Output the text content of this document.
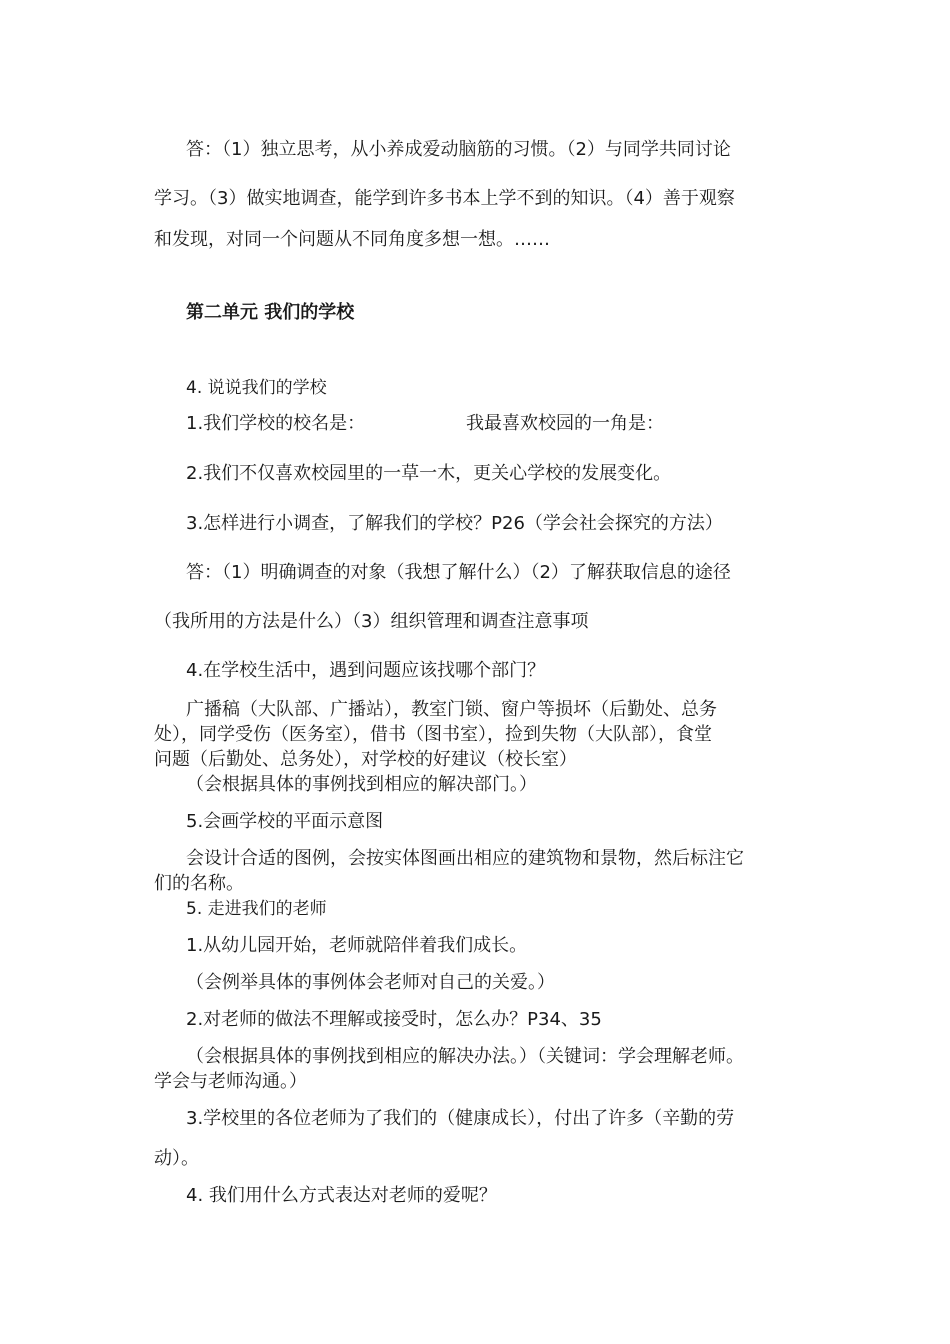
答：（1）独立思考，从小养成爱动脑筋的习惯。（2）与同学共同讨论
学习。（3）做实地调查，能学到许多书本上学不到的知识。（4）善于观察
和发现，对同一个问题从不同角度多想一想。……
第二单元 我们的学校
4. 说说我们的学校
1.我们学校的校名是：	我最喜欢校园的一角是：
2.我们不仅喜欢校园里的一草一木，更关心学校的发展变化。
3.怎样进行小调查，了解我们的学校？P26（学会社会探究的方法）
答：（1）明确调查的对象（我想了解什么）（2）了解获取信息的途径
（我所用的方法是什么）（3）组织管理和调查注意事项
4.在学校生活中，遇到问题应该找哪个部门？
广播稿（大队部、广播站），教室门锁、窗户等损坏（后勤处、总务
处），同学受伤（医务室），借书（图书室），捡到失物（大队部），食堂
问题（后勤处、总务处），对学校的好建议（校长室）
（会根据具体的事例找到相应的解决部门。）
5.会画学校的平面示意图
会设计合适的图例，会按实体图画出相应的建筑物和景物，然后标注它
们的名称。
5. 走进我们的老师
1.从幼儿园开始，老师就陪伴着我们成长。
（会例举具体的事例体会老师对自己的关爱。）
2.对老师的做法不理解或接受时，怎么办？P34、35
（会根据具体的事例找到相应的解决办法。）（关键词：学会理解老师。
学会与老师沟通。）
3.学校里的各位老师为了我们的（健康成长），付出了许多（辛勤的劳
动）。
4. 我们用什么方式表达对老师的爱呢？
